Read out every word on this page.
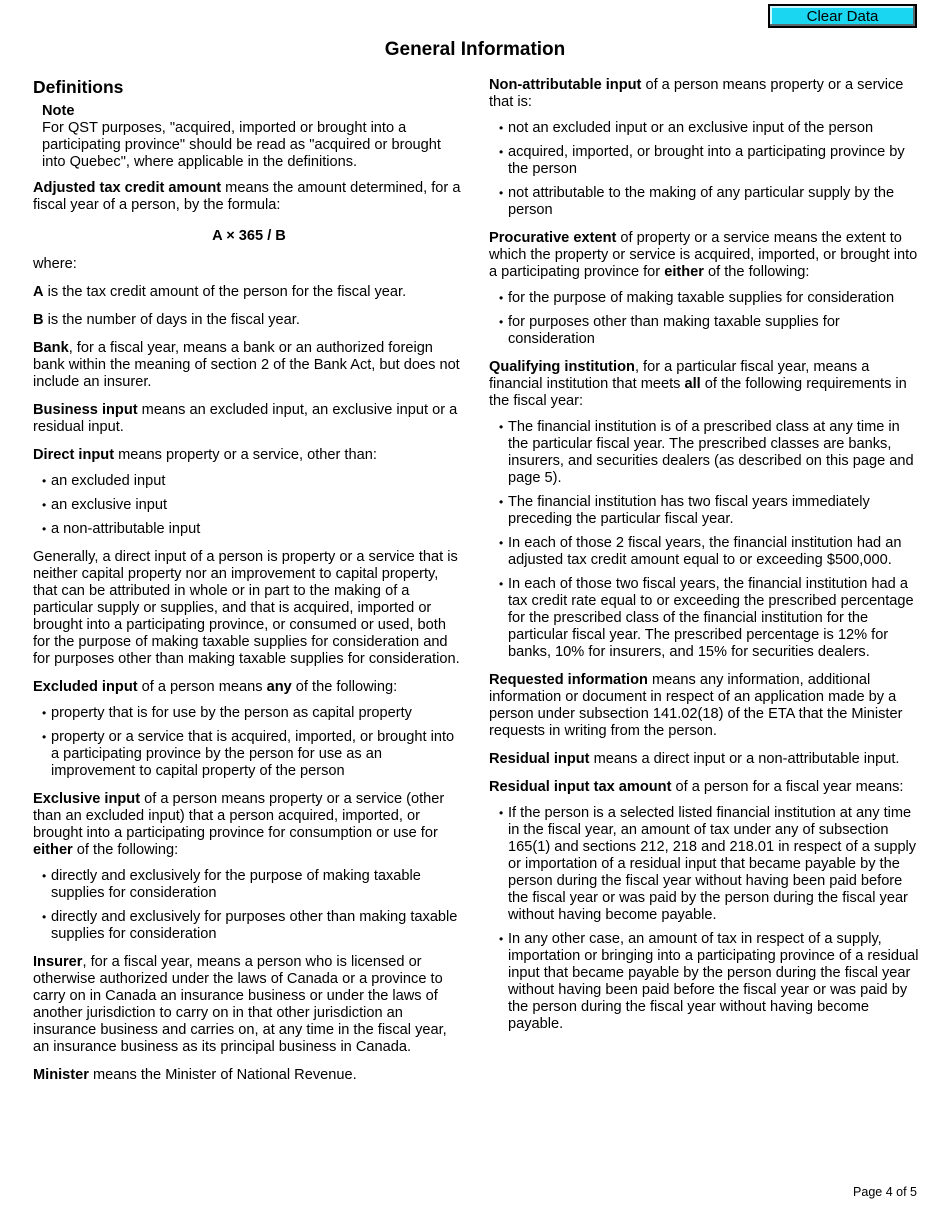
Clear Data
General Information
Definitions
Note
For QST purposes, "acquired, imported or brought into a participating province" should be read as "acquired or brought into Quebec", where applicable in the definitions.

Adjusted tax credit amount means the amount determined, for a fiscal year of a person, by the formula:

A × 365 / B

where:

A is the tax credit amount of the person for the fiscal year.

B is the number of days in the fiscal year.

Bank, for a fiscal year, means a bank or an authorized foreign bank within the meaning of section 2 of the Bank Act, but does not include an insurer.

Business input means an excluded input, an exclusive input or a residual input.

Direct input means property or a service, other than:

• an excluded input
• an exclusive input
• a non-attributable input

Generally, a direct input of a person is property or a service that is neither capital property nor an improvement to capital property, that can be attributed in whole or in part to the making of a particular supply or supplies, and that is acquired, imported or brought into a participating province, or consumed or used, both for the purpose of making taxable supplies for consideration and for purposes other than making taxable supplies for consideration.

Excluded input of a person means any of the following:

• property that is for use by the person as capital property
• property or a service that is acquired, imported, or brought into a participating province by the person for use as an improvement to capital property of the person

Exclusive input of a person means property or a service (other than an excluded input) that a person acquired, imported, or brought into a participating province for consumption or use for either of the following:

• directly and exclusively for the purpose of making taxable supplies for consideration
• directly and exclusively for purposes other than making taxable supplies for consideration

Insurer, for a fiscal year, means a person who is licensed or otherwise authorized under the laws of Canada or a province to carry on in Canada an insurance business or under the laws of another jurisdiction to carry on in that other jurisdiction an insurance business and carries on, at any time in the fiscal year, an insurance business as its principal business in Canada.

Minister means the Minister of National Revenue.

Non-attributable input of a person means property or a service that is:

• not an excluded input or an exclusive input of the person
• acquired, imported, or brought into a participating province by the person
• not attributable to the making of any particular supply by the person

Procurative extent of property or a service means the extent to which the property or service is acquired, imported, or brought into a participating province for either of the following:

• for the purpose of making taxable supplies for consideration
• for purposes other than making taxable supplies for consideration

Qualifying institution, for a particular fiscal year, means a financial institution that meets all of the following requirements in the fiscal year:

• The financial institution is of a prescribed class at any time in the particular fiscal year. The prescribed classes are banks, insurers, and securities dealers (as described on this page and page 5).
• The financial institution has two fiscal years immediately preceding the particular fiscal year.
• In each of those 2 fiscal years, the financial institution had an adjusted tax credit amount equal to or exceeding $500,000.
• In each of those two fiscal years, the financial institution had a tax credit rate equal to or exceeding the prescribed percentage for the prescribed class of the financial institution for the particular fiscal year. The prescribed percentage is 12% for banks, 10% for insurers, and 15% for securities dealers.

Requested information means any information, additional information or document in respect of an application made by a person under subsection 141.02(18) of the ETA that the Minister requests in writing from the person.

Residual input means a direct input or a non-attributable input.

Residual input tax amount of a person for a fiscal year means:

• If the person is a selected listed financial institution at any time in the fiscal year, an amount of tax under any of subsection 165(1) and sections 212, 218 and 218.01 in respect of a supply or importation of a residual input that became payable by the person during the fiscal year without having been paid before the fiscal year or was paid by the person during the fiscal year without having become payable.
• In any other case, an amount of tax in respect of a supply, importation or bringing into a participating province of a residual input that became payable by the person during the fiscal year without having been paid before the fiscal year or was paid by the person during the fiscal year without having become payable.
Page 4 of 5
